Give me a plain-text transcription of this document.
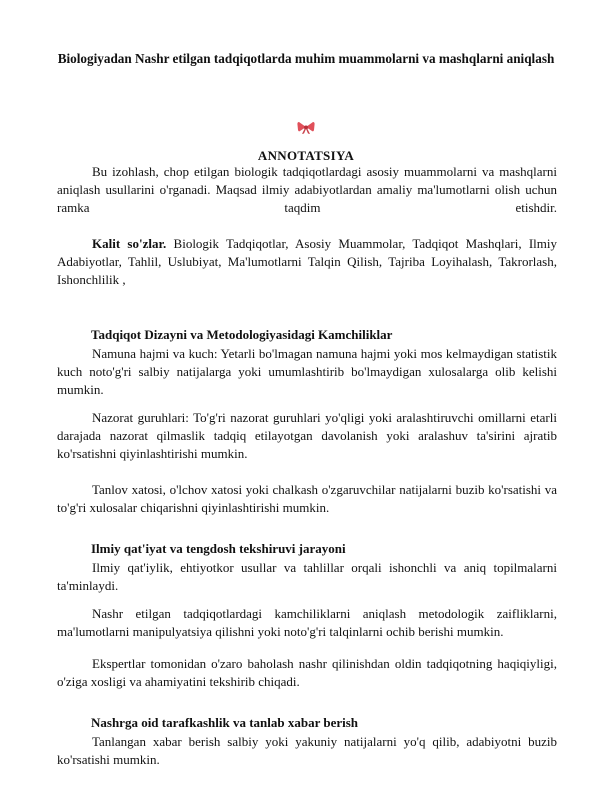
Biologiyadan Nashr etilgan tadqiqotlarda muhim muammolarni va mashqlarni aniqlash
ANNOTATSIYA
Bu izohlash, chop etilgan biologik tadqiqotlardagi asosiy muammolarni va mashqlarni aniqlash usullarini o'rganadi. Maqsad ilmiy adabiyotlardan amaliy ma'lumotlarni olish uchun ramka taqdim etishdir.
Kalit so'zlar. Biologik Tadqiqotlar, Asosiy Muammolar, Tadqiqot Mashqlari, Ilmiy Adabiyotlar, Tahlil, Uslubiyat, Ma'lumotlarni Talqin Qilish, Tajriba Loyihalash, Takrorlash, Ishonchlilik ,
Tadqiqot Dizayni va Metodologiyasidagi Kamchiliklar
Namuna hajmi va kuch: Yetarli bo'lmagan namuna hajmi yoki mos kelmaydigan statistik kuch noto'g'ri salbiy natijalarga yoki umumlashtirib bo'lmaydigan xulosalarga olib kelishi mumkin.
Nazorat guruhlari: To'g'ri nazorat guruhlari yo'qligi yoki aralashtiruvchi omillarni etarli darajada nazorat qilmaslik tadqiq etilayotgan davolanish yoki aralashuv ta'sirini ajratib ko'rsatishni qiyinlashtirishi mumkin.
Tanlov xatosi, o'lchov xatosi yoki chalkash o'zgaruvchilar natijalarni buzib ko'rsatishi va to'g'ri xulosalar chiqarishni qiyinlashtirishi mumkin.
Ilmiy qat'iyat va tengdosh tekshiruvi jarayoni
Ilmiy qat'iylik, ehtiyotkor usullar va tahlillar orqali ishonchli va aniq topilmalarni ta'minlaydi.
Nashr etilgan tadqiqotlardagi kamchiliklarni aniqlash metodologik zaifliklarni, ma'lumotlarni manipulyatsiya qilishni yoki noto'g'ri talqinlarni ochib berishi mumkin.
Ekspertlar tomonidan o'zaro baholash nashr qilinishdan oldin tadqiqotning haqiqiyligi, o'ziga xosligi va ahamiyatini tekshirib chiqadi.
Nashrga oid tarafkashlik va tanlab xabar berish
Tanlangan xabar berish salbiy yoki yakuniy natijalarni yo'q qilib, adabiyotni buzib ko'rsatishi mumkin.
